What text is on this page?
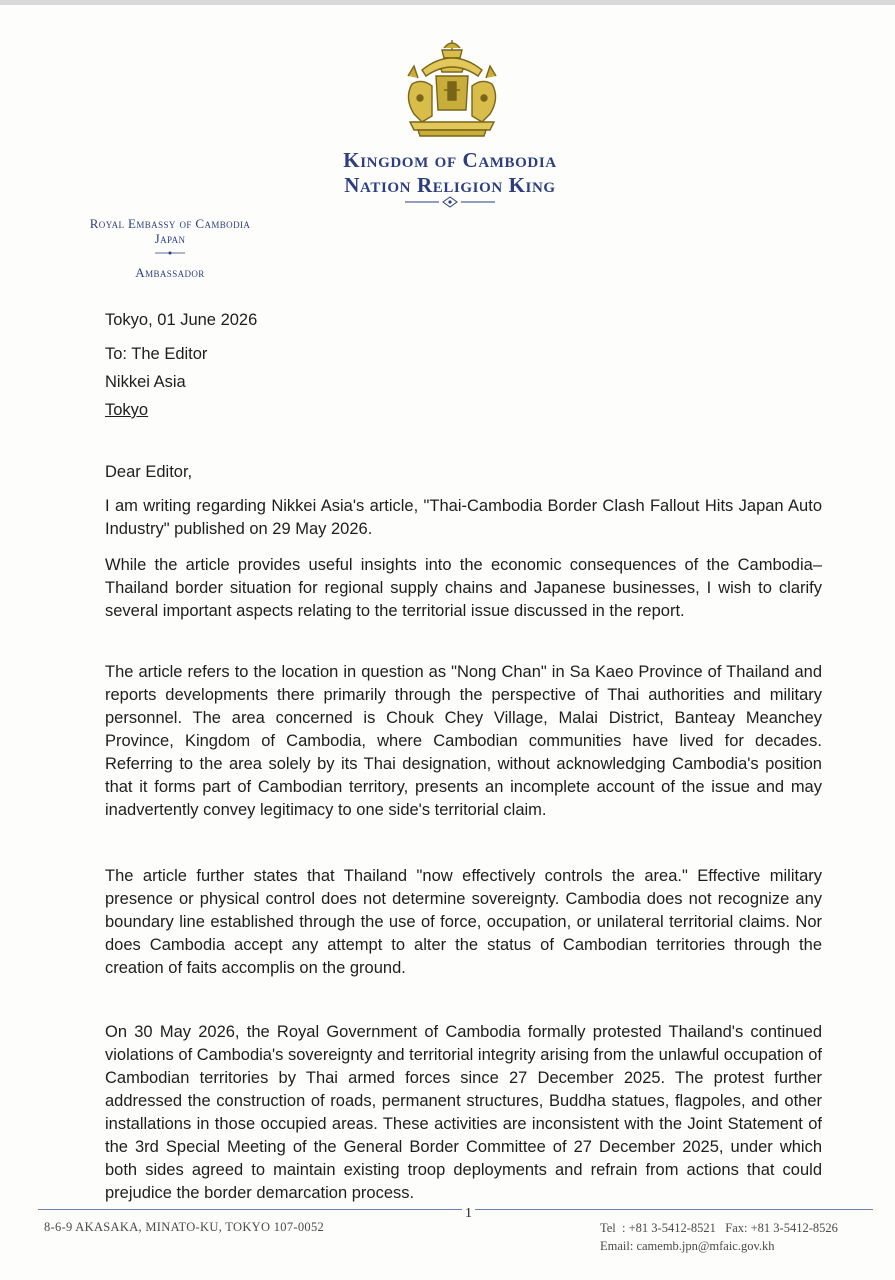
Kingdom of Cambodia
Nation Religion King
Royal Embassy of Cambodia
Japan
Ambassador
Tokyo, 01 June 2026
To: The Editor
Nikkei Asia
Tokyo
Dear Editor,
I am writing regarding Nikkei Asia's article, "Thai-Cambodia Border Clash Fallout Hits Japan Auto Industry" published on 29 May 2026.
While the article provides useful insights into the economic consequences of the Cambodia–Thailand border situation for regional supply chains and Japanese businesses, I wish to clarify several important aspects relating to the territorial issue discussed in the report.
The article refers to the location in question as "Nong Chan" in Sa Kaeo Province of Thailand and reports developments there primarily through the perspective of Thai authorities and military personnel. The area concerned is Chouk Chey Village, Malai District, Banteay Meanchey Province, Kingdom of Cambodia, where Cambodian communities have lived for decades. Referring to the area solely by its Thai designation, without acknowledging Cambodia's position that it forms part of Cambodian territory, presents an incomplete account of the issue and may inadvertently convey legitimacy to one side's territorial claim.
The article further states that Thailand "now effectively controls the area." Effective military presence or physical control does not determine sovereignty. Cambodia does not recognize any boundary line established through the use of force, occupation, or unilateral territorial claims. Nor does Cambodia accept any attempt to alter the status of Cambodian territories through the creation of faits accomplis on the ground.
On 30 May 2026, the Royal Government of Cambodia formally protested Thailand's continued violations of Cambodia's sovereignty and territorial integrity arising from the unlawful occupation of Cambodian territories by Thai armed forces since 27 December 2025. The protest further addressed the construction of roads, permanent structures, Buddha statues, flagpoles, and other installations in those occupied areas. These activities are inconsistent with the Joint Statement of the 3rd Special Meeting of the General Border Committee of 27 December 2025, under which both sides agreed to maintain existing troop deployments and refrain from actions that could prejudice the border demarcation process.
1
8-6-9 AKASAKA, MINATO-KU, TOKYO 107-0052	Tel  : +81 3-5412-8521   Fax: +81 3-5412-8526
Email: camemb.jpn@mfaic.gov.kh
